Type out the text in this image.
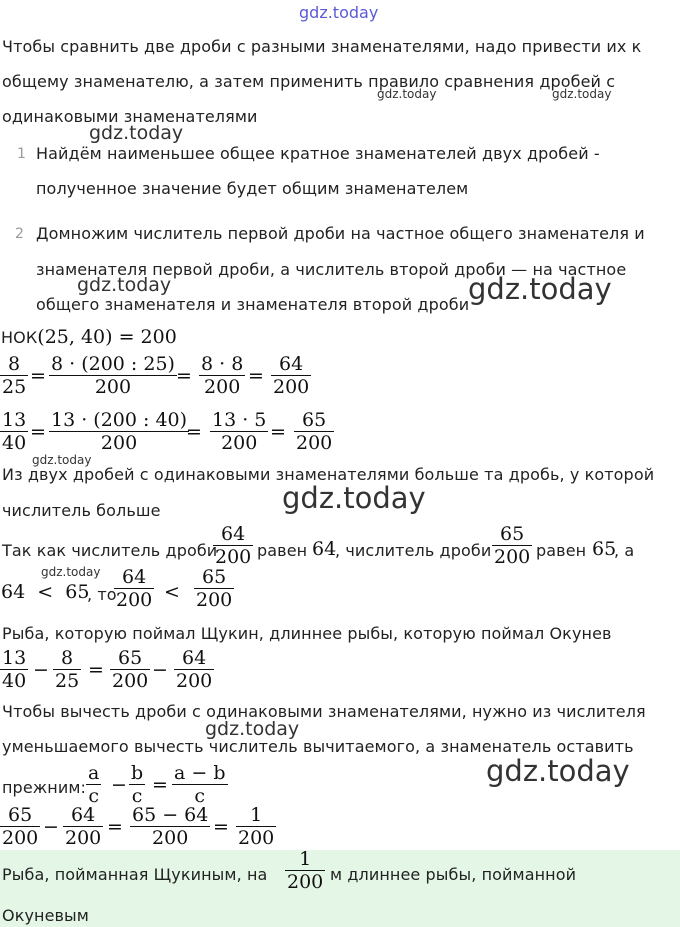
gdz.today
Чтобы сравнить две дроби с разными знаменателями, надо привести их к
общему знаменателю, а затем применить правило сравнения дробей с
gdz.today	gdz.today
одинаковыми знаменателями
gdz.today
1 Найдём наименьшее общее кратное знаменателей двух дробей -
полученное значение будет общим знаменателем
2 Домножим числитель первой дроби на частное общего знаменателя и
знаменателя первой дроби, а числитель второй дроби — на частное
gdz.today
общего знаменателя и знаменателя второй дроби
gdz.today
НОК(25, 40) = 200
$\frac{8}{25} = \frac{8 \cdot (200 : 25)}{200} = \frac{8 \cdot 8}{200} = \frac{64}{200}$
$\frac{13}{40} = \frac{13 \cdot (200 : 40)}{200}$
= $\frac{13 \cdot 5}{200} = \frac{65}{200}$
gdz.today
Из двух дробей с одинаковыми знаменателями больше та дробь, у которой
gdz.today
числитель больше
Так как числитель дроби
$\frac{64}{200}$ равен 64
, числитель дроби $\frac{65}{200}$ равен 65
, а
gdz.today
64  <  65
, то
$\frac{64}{200} < \frac{65}{200}$
Рыба, которую поймал Щукин, длиннее рыбы, которую поймал Окунев
$\frac{13}{40} - \frac{8}{25} = \frac{65}{200} - \frac{64}{200}$
Чтобы вычесть дроби с одинаковыми знаменателями, нужно из числителя
gdz.today
уменьшаемого вычесть числитель вычитаемого, а знаменатель оставить
gdz.today
прежним: $\frac{a}{c} - \frac{b}{c} = \frac{a - b}{c}$
$\frac{65}{200} - \frac{64}{200} = \frac{65 - 64}{200} = \frac{1}{200}$
Рыба, пойманная Щукиным, на $\frac{1}{200}$ м длиннее рыбы, пойманной
Окуневым
